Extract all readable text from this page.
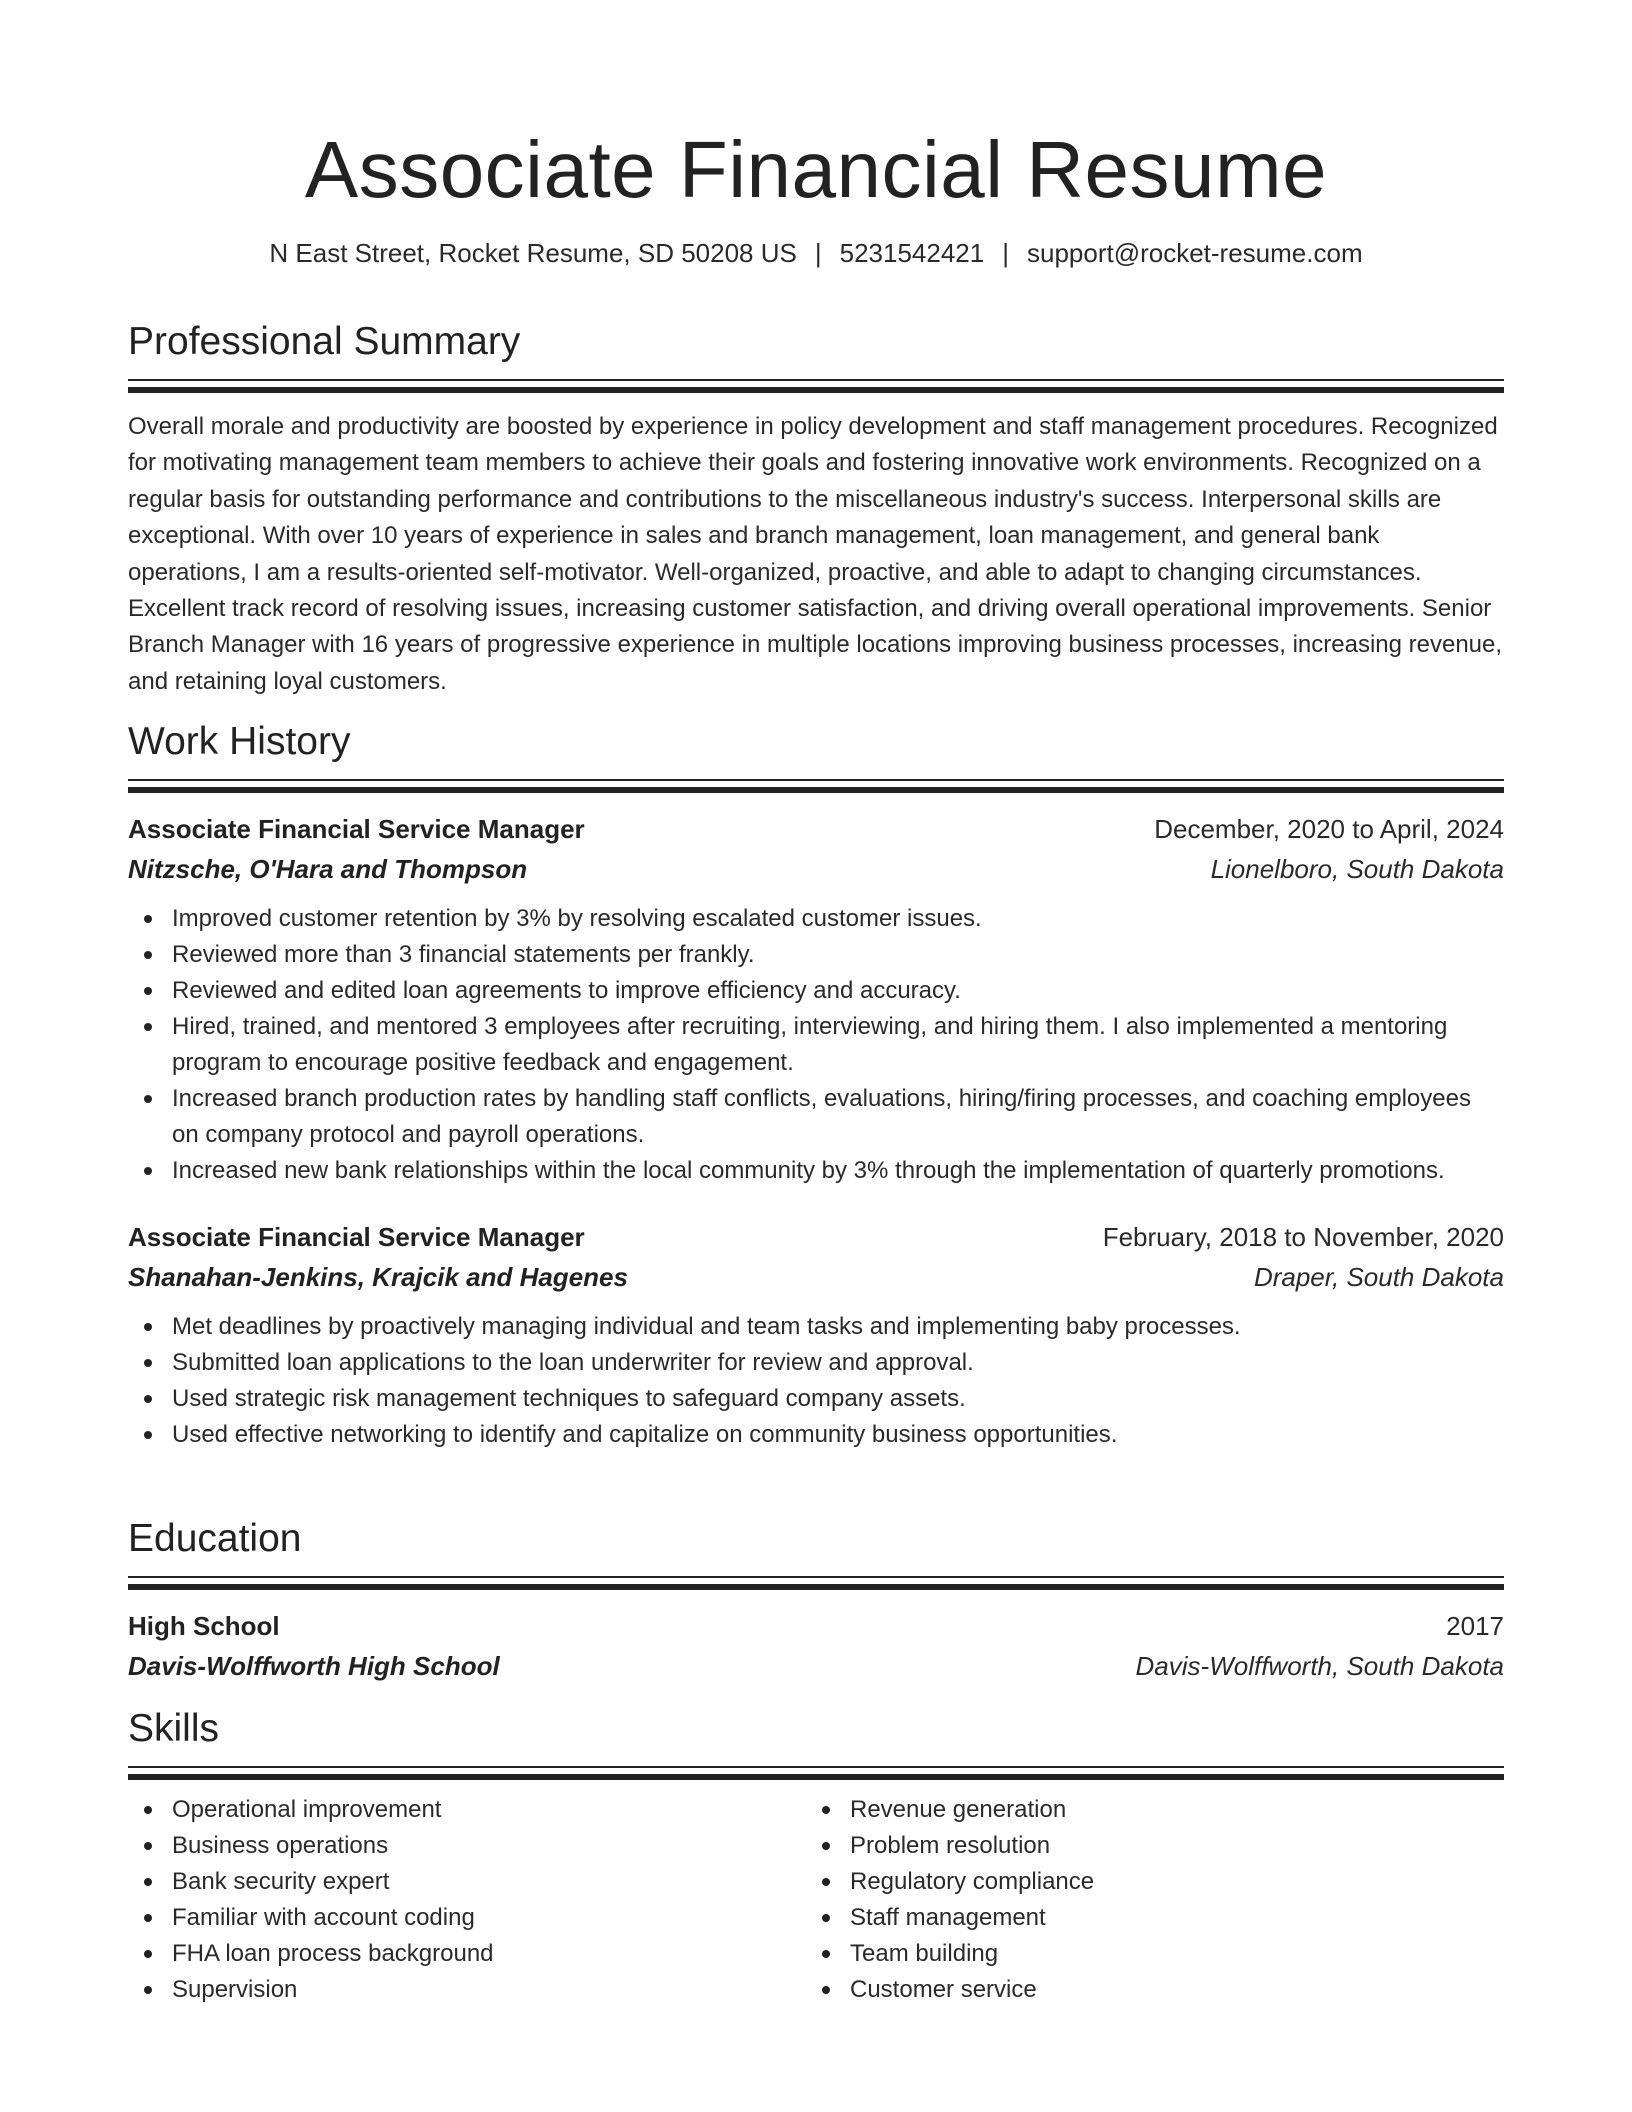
Associate Financial Resume
N East Street, Rocket Resume, SD 50208 US | 5231542421 | support@rocket-resume.com
Professional Summary
Overall morale and productivity are boosted by experience in policy development and staff management procedures. Recognized for motivating management team members to achieve their goals and fostering innovative work environments. Recognized on a regular basis for outstanding performance and contributions to the miscellaneous industry's success. Interpersonal skills are exceptional. With over 10 years of experience in sales and branch management, loan management, and general bank operations, I am a results-oriented self-motivator. Well-organized, proactive, and able to adapt to changing circumstances. Excellent track record of resolving issues, increasing customer satisfaction, and driving overall operational improvements. Senior Branch Manager with 16 years of progressive experience in multiple locations improving business processes, increasing revenue, and retaining loyal customers.
Work History
Associate Financial Service Manager	December, 2020 to April, 2024
Nitzsche, O'Hara and Thompson	Lionelboro, South Dakota
Improved customer retention by 3% by resolving escalated customer issues.
Reviewed more than 3 financial statements per frankly.
Reviewed and edited loan agreements to improve efficiency and accuracy.
Hired, trained, and mentored 3 employees after recruiting, interviewing, and hiring them. I also implemented a mentoring program to encourage positive feedback and engagement.
Increased branch production rates by handling staff conflicts, evaluations, hiring/firing processes, and coaching employees on company protocol and payroll operations.
Increased new bank relationships within the local community by 3% through the implementation of quarterly promotions.
Associate Financial Service Manager	February, 2018 to November, 2020
Shanahan-Jenkins, Krajcik and Hagenes	Draper, South Dakota
Met deadlines by proactively managing individual and team tasks and implementing baby processes.
Submitted loan applications to the loan underwriter for review and approval.
Used strategic risk management techniques to safeguard company assets.
Used effective networking to identify and capitalize on community business opportunities.
Education
High School	2017
Davis-Wolffworth High School	Davis-Wolffworth, South Dakota
Skills
Operational improvement
Business operations
Bank security expert
Familiar with account coding
FHA loan process background
Supervision
Revenue generation
Problem resolution
Regulatory compliance
Staff management
Team building
Customer service
